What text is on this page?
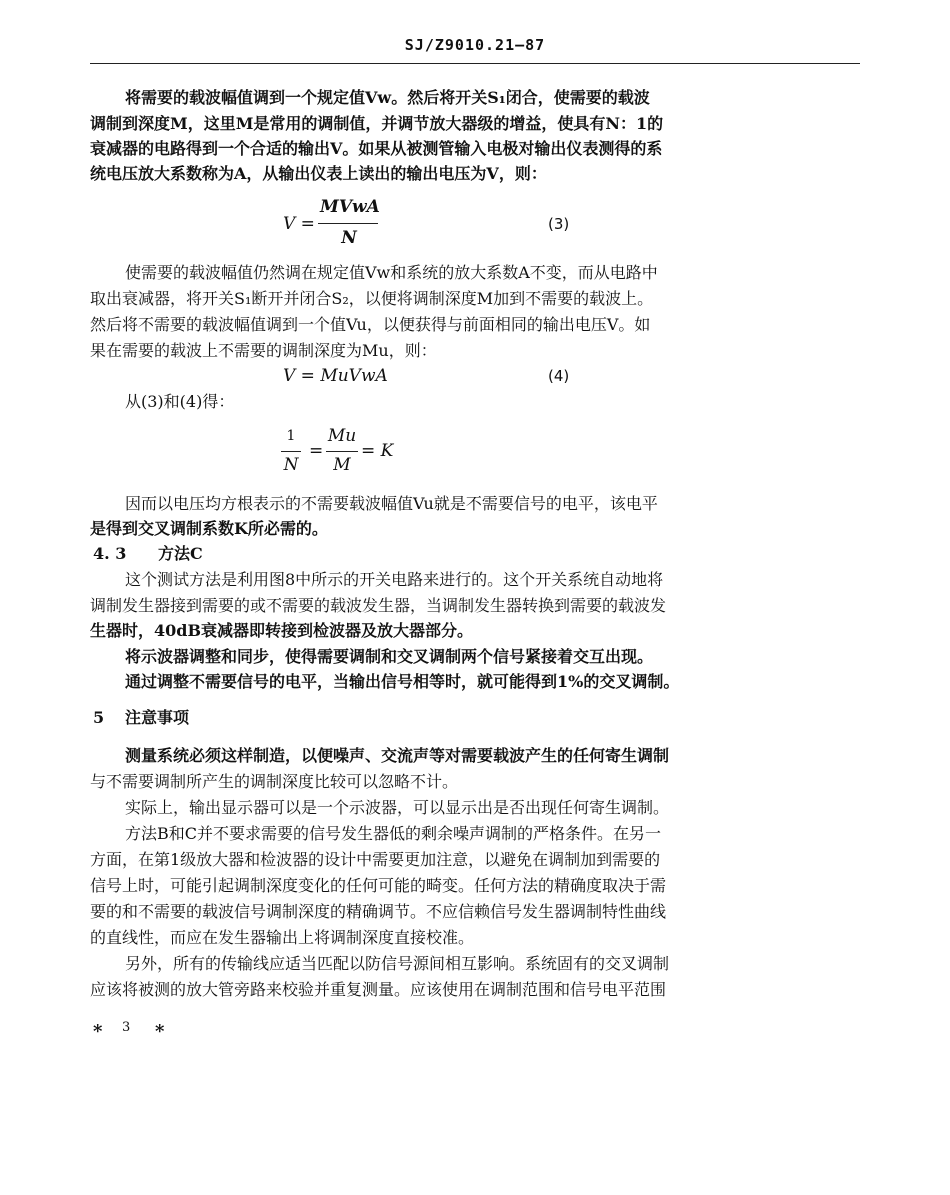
SJ/Z9010.21—87
将需要的载波幅值调到一个规定值Vw。然后将开关S₁闭合，使需要的载波
调制到深度M，这里M是常用的调制值，并调节放大器级的增益，使具有N：1的
衰减器的电路得到一个合适的输出V。如果从被测管输入电极对输出仪表测得的系
统电压放大系数称为A，从输出仪表上读出的输出电压为V，则：
V =
MVwA
N
(3)
使需要的载波幅值仍然调在规定值Vw和系统的放大系数A不变，而从电路中
取出衰减器，将开关S₁断开并闭合S₂，以便将调制深度M加到不需要的载波上。
然后将不需要的载波幅值调到一个值Vu，以便获得与前面相同的输出电压V。如
果在需要的载波上不需要的调制深度为Mu，则：
V = MuVwA	(4)
从(3)和(4)得：
1
N
=
Mu
M
= K
因而以电压均方根表示的不需要载波幅值Vu就是不需要信号的电平，该电平
是得到交叉调制系数K所必需的。
4. 3 方法C
这个测试方法是利用图8中所示的开关电路来进行的。这个开关系统自动地将
调制发生器接到需要的或不需要的载波发生器，当调制发生器转换到需要的载波发
生器时，40dB衰减器即转接到检波器及放大器部分。
将示波器调整和同步，使得需要调制和交叉调制两个信号紧接着交互出现。
通过调整不需要信号的电平，当输出信号相等时，就可能得到1%的交叉调制。
5 注意事项
测量系统必须这样制造，以便噪声、交流声等对需要载波产生的任何寄生调制
与不需要调制所产生的调制深度比较可以忽略不计。
实际上，输出显示器可以是一个示波器，可以显示出是否出现任何寄生调制。
方法B和C并不要求需要的信号发生器低的剩余噪声调制的严格条件。在另一
方面，在第1级放大器和检波器的设计中需要更加注意，以避免在调制加到需要的
信号上时，可能引起调制深度变化的任何可能的畸变。任何方法的精确度取决于需
要的和不需要的载波信号调制深度的精确调节。不应信赖信号发生器调制特性曲线
的直线性，而应在发生器输出上将调制深度直接校准。
另外，所有的传输线应适当匹配以防信号源间相互影响。系统固有的交叉调制
应该将被测的放大管旁路来校验并重复测量。应该使用在调制范围和信号电平范围
* 3 *
